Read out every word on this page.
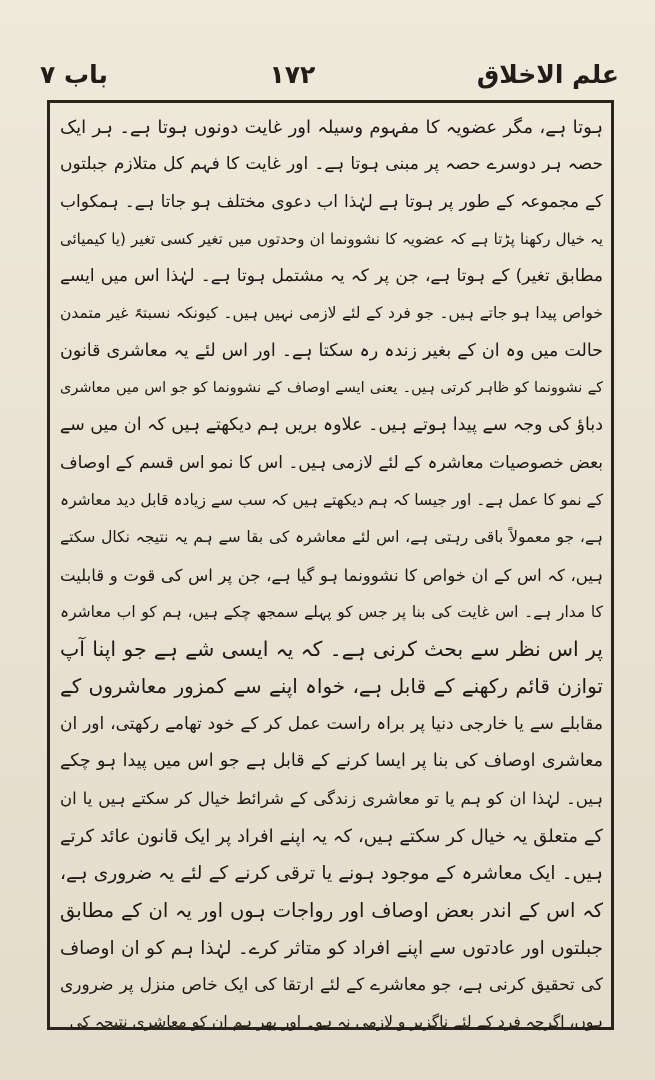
علم الاخلاق
۱۷۲
باب ۷
ہوتا ہے، مگر عضویہ کا مفہوم وسیلہ اور غایت دونوں ہوتا ہے۔ ہر ایک
حصہ ہر دوسرے حصہ پر مبنی ہوتا ہے۔ اور غایت کا فہم کل متلازم جبلتوں
کے مجموعہ کے طور پر ہوتا ہے لہٰذا اب دعوی مختلف ہو جاتا ہے۔ ہمکواب
یہ خیال رکھنا پڑتا ہے کہ عضویہ کا نشوونما ان وحدتوں میں تغیر کسی تغیر (یا کیمیائی
مطابق تغیر) کے ہوتا ہے، جن پر کہ یہ مشتمل ہوتا ہے۔ لہٰذا اس میں ایسے
خواص پیدا ہو جاتے ہیں۔ جو فرد کے لئے لازمی نہیں ہیں۔ کیونکہ نسبتہً غیر متمدن
حالت میں وہ ان کے بغیر زندہ رہ سکتا ہے۔ اور اس لئے یہ معاشری قانون
کے نشوونما کو ظاہر کرتی ہیں۔ یعنی ایسے اوصاف کے نشوونما کو جو اس میں معاشری
دباؤ کی وجہ سے پیدا ہوتے ہیں۔ علاوہ بریں ہم دیکھتے ہیں کہ ان میں سے
بعض خصوصیات معاشرہ کے لئے لازمی ہیں۔ اس کا نمو اس قسم کے اوصاف
کے نمو کا عمل ہے۔ اور جیسا کہ ہم دیکھتے ہیں کہ سب سے زیادہ قابل دید معاشرہ
ہے، جو معمولاً باقی رہتی ہے، اس لئے معاشرہ کی بقا سے ہم یہ نتیجہ نکال سکتے
ہیں، کہ اس کے ان خواص کا نشوونما ہو گیا ہے، جن پر اس کی قوت و قابلیت
کا مدار ہے۔ اس غایت کی بنا پر جس کو پہلے سمجھ چکے ہیں، ہم کو اب معاشرہ
پر اس نظر سے بحث کرنی ہے۔ کہ یہ ایسی شے ہے جو اپنا آپ
توازن قائم رکھنے کے قابل ہے، خواہ اپنے سے کمزور معاشروں کے
مقابلے سے یا خارجی دنیا پر براہ راست عمل کر کے خود تھامے رکھتی، اور ان
معاشری اوصاف کی بنا پر ایسا کرنے کے قابل ہے جو اس میں پیدا ہو چکے
ہیں۔ لہٰذا ان کو ہم یا تو معاشری زندگی کے شرائط خیال کر سکتے ہیں یا ان
کے متعلق یہ خیال کر سکتے ہیں، کہ یہ اپنے افراد پر ایک قانون عائد کرتے
ہیں۔ ایک معاشرہ کے موجود ہونے یا ترقی کرنے کے لئے یہ ضروری ہے،
کہ اس کے اندر بعض اوصاف اور رواجات ہوں اور یہ ان کے مطابق
جبلتوں اور عادتوں سے اپنے افراد کو متاثر کرے۔ لہٰذا ہم کو ان اوصاف
کی تحقیق کرنی ہے، جو معاشرے کے لئے ارتقا کی ایک خاص منزل پر ضروری
ہوں، اگرچہ فرد کے لئے ناگزیر و لازمی نہ ہو۔ اور پھر ہم ان کو معاشری نتیجہ کی
